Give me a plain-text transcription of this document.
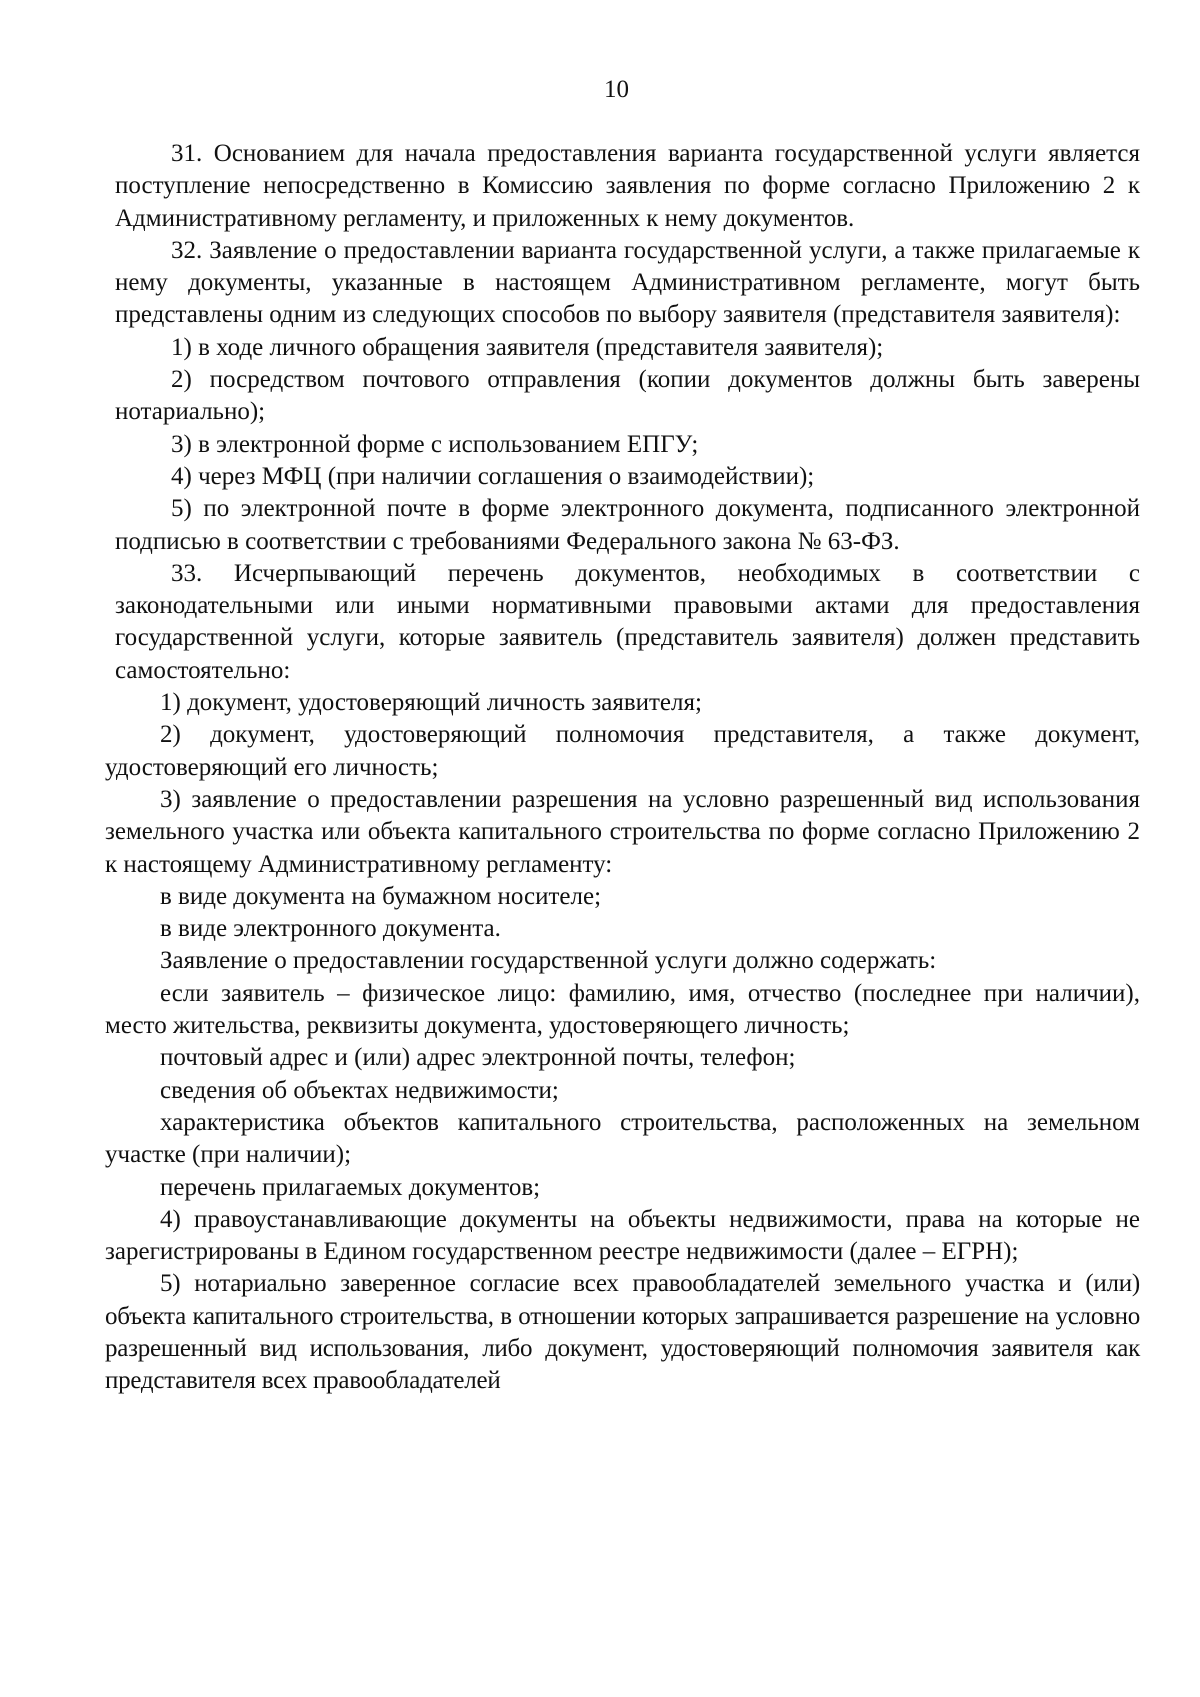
10

31. Основанием для начала предоставления варианта государственной услуги является поступление непосредственно в Комиссию заявления по форме согласно Приложению 2 к Административному регламенту, и приложенных к нему документов.

32. Заявление о предоставлении варианта государственной услуги, а также прилагаемые к нему документы, указанные в настоящем Административном регламенте, могут быть представлены одним из следующих способов по выбору заявителя (представителя заявителя):

1) в ходе личного обращения заявителя (представителя заявителя);

2) посредством почтового отправления (копии документов должны быть заверены нотариально);

3) в электронной форме с использованием ЕПГУ;

4) через МФЦ (при наличии соглашения о взаимодействии);

5) по электронной почте в форме электронного документа, подписанного электронной подписью в соответствии с требованиями Федерального закона № 63-ФЗ.

33. Исчерпывающий перечень документов, необходимых в соответствии с законодательными или иными нормативными правовыми актами для предоставления государственной услуги, которые заявитель (представитель заявителя) должен представить самостоятельно:

1) документ, удостоверяющий личность заявителя;

2) документ, удостоверяющий полномочия представителя, а также документ, удостоверяющий его личность;

3) заявление о предоставлении разрешения на условно разрешенный вид использования земельного участка или объекта капитального строительства по форме согласно Приложению 2 к настоящему Административному регламенту:

в виде документа на бумажном носителе;

в виде электронного документа.

Заявление о предоставлении государственной услуги должно содержать:

если заявитель – физическое лицо: фамилию, имя, отчество (последнее при наличии), место жительства, реквизиты документа, удостоверяющего личность;

почтовый адрес и (или) адрес электронной почты, телефон;

сведения об объектах недвижимости;

характеристика объектов капитального строительства, расположенных на земельном участке (при наличии);

перечень прилагаемых документов;

4) правоустанавливающие документы на объекты недвижимости, права на которые не зарегистрированы в Едином государственном реестре недвижимости (далее – ЕГРН);

5) нотариально заверенное согласие всех правообладателей земельного участка и (или) объекта капитального строительства, в отношении которых запрашивается разрешение на условно разрешенный вид использования, либо документ, удостоверяющий полномочия заявителя как представителя всех правообладателей
